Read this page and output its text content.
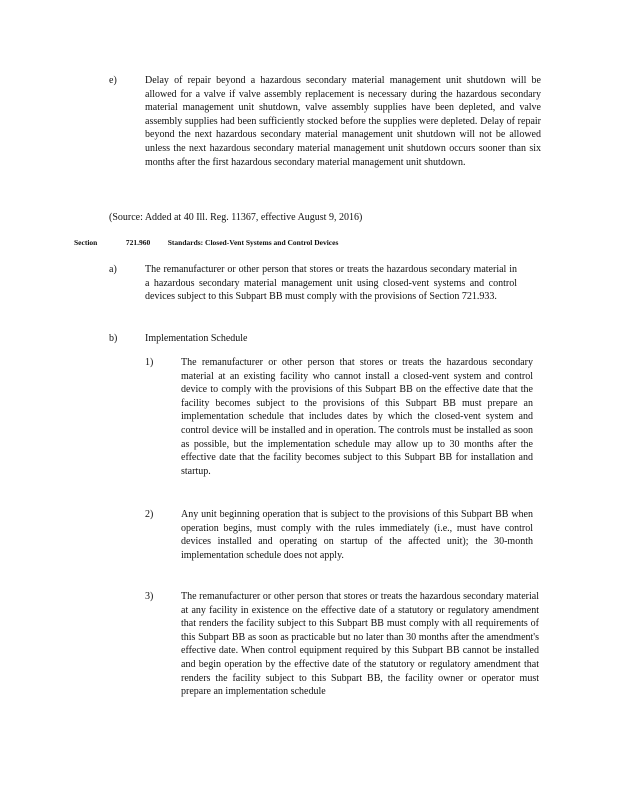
e)	Delay of repair beyond a hazardous secondary material management unit shutdown will be allowed for a valve if valve assembly replacement is necessary during the hazardous secondary material management unit shutdown, valve assembly supplies have been depleted, and valve assembly supplies had been sufficiently stocked before the supplies were depleted. Delay of repair beyond the next hazardous secondary material management unit shutdown will not be allowed unless the next hazardous secondary material management unit shutdown occurs sooner than six months after the first hazardous secondary material management unit shutdown.
(Source: Added at 40 Ill. Reg. 11367, effective August 9, 2016)
Section	721.960 Standards: Closed-Vent Systems and Control Devices
a)	The remanufacturer or other person that stores or treats the hazardous secondary material in a hazardous secondary material management unit using closed-vent systems and control devices subject to this Subpart BB must comply with the provisions of Section 721.933.
b)	Implementation Schedule
1)	The remanufacturer or other person that stores or treats the hazardous secondary material at an existing facility who cannot install a closed-vent system and control device to comply with the provisions of this Subpart BB on the effective date that the facility becomes subject to the provisions of this Subpart BB must prepare an implementation schedule that includes dates by which the closed-vent system and control device will be installed and in operation. The controls must be installed as soon as possible, but the implementation schedule may allow up to 30 months after the effective date that the facility becomes subject to this Subpart BB for installation and startup.
2)	Any unit beginning operation that is subject to the provisions of this Subpart BB when operation begins, must comply with the rules immediately (i.e., must have control devices installed and operating on startup of the affected unit); the 30-month implementation schedule does not apply.
3)	The remanufacturer or other person that stores or treats the hazardous secondary material at any facility in existence on the effective date of a statutory or regulatory amendment that renders the facility subject to this Subpart BB must comply with all requirements of this Subpart BB as soon as practicable but no later than 30 months after the amendment's effective date. When control equipment required by this Subpart BB cannot be installed and begin operation by the effective date of the statutory or regulatory amendment that renders the facility subject to this Subpart BB, the facility owner or operator must prepare an implementation schedule
